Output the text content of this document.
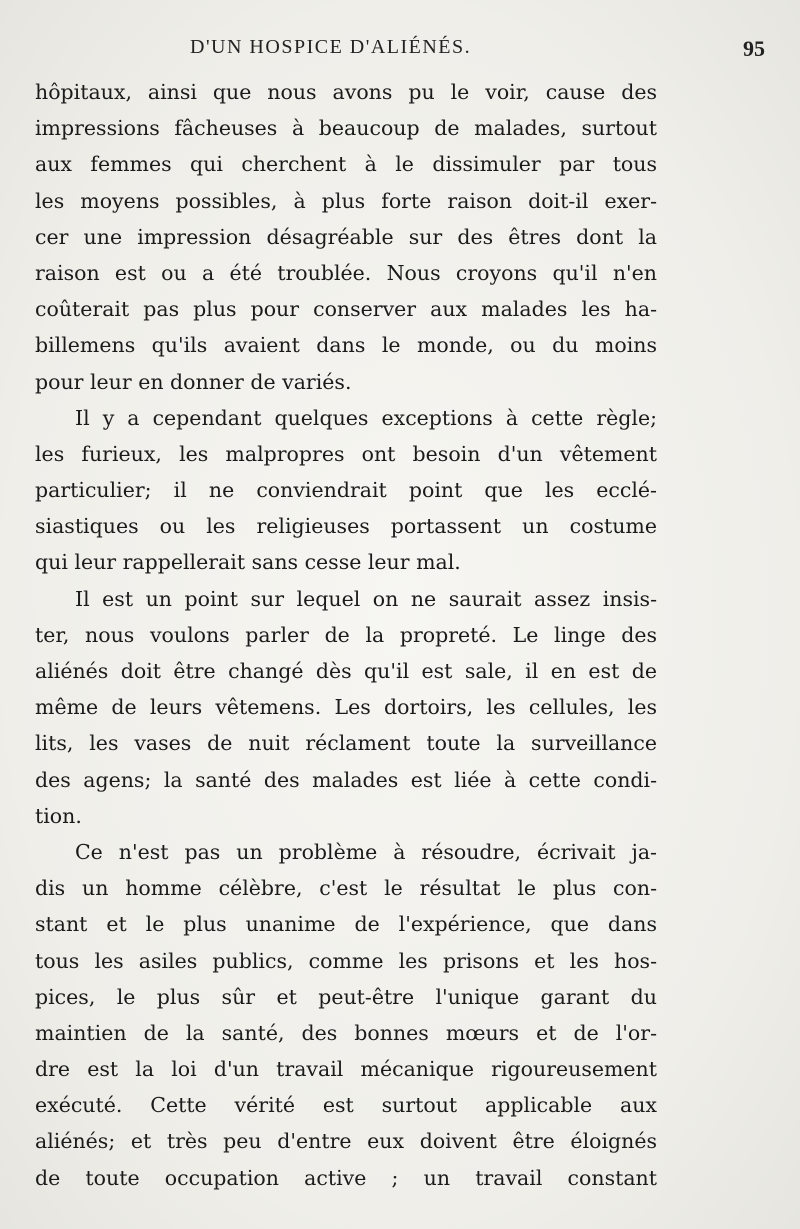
D'UN HOSPICE D'ALIÉNÉS.	95
hôpitaux, ainsi que nous avons pu le voir, cause des
impressions fâcheuses à beaucoup de malades, surtout
aux femmes qui cherchent à le dissimuler par tous
les moyens possibles, à plus forte raison doit-il exer-
cer une impression désagréable sur des êtres dont la
raison est ou a été troublée. Nous croyons qu'il n'en
coûterait pas plus pour conserver aux malades les ha-
billemens qu'ils avaient dans le monde, ou du moins
pour leur en donner de variés.
Il y a cependant quelques exceptions à cette règle;
les furieux, les malpropres ont besoin d'un vêtement
particulier; il ne conviendrait point que les ecclé-
siastiques ou les religieuses portassent un costume
qui leur rappellerait sans cesse leur mal.
Il est un point sur lequel on ne saurait assez insis-
ter, nous voulons parler de la propreté. Le linge des
aliénés doit être changé dès qu'il est sale, il en est de
même de leurs vêtemens. Les dortoirs, les cellules, les
lits, les vases de nuit réclament toute la surveillance
des agens; la santé des malades est liée à cette condi-
tion.
Ce n'est pas un problème à résoudre, écrivait ja-
dis un homme célèbre, c'est le résultat le plus con-
stant et le plus unanime de l'expérience, que dans
tous les asiles publics, comme les prisons et les hos-
pices, le plus sûr et peut-être l'unique garant du
maintien de la santé, des bonnes mœurs et de l'or-
dre est la loi d'un travail mécanique rigoureusement
exécuté. Cette vérité est surtout applicable aux
aliénés; et très peu d'entre eux doivent être éloignés
de toute occupation active ; un travail constant
